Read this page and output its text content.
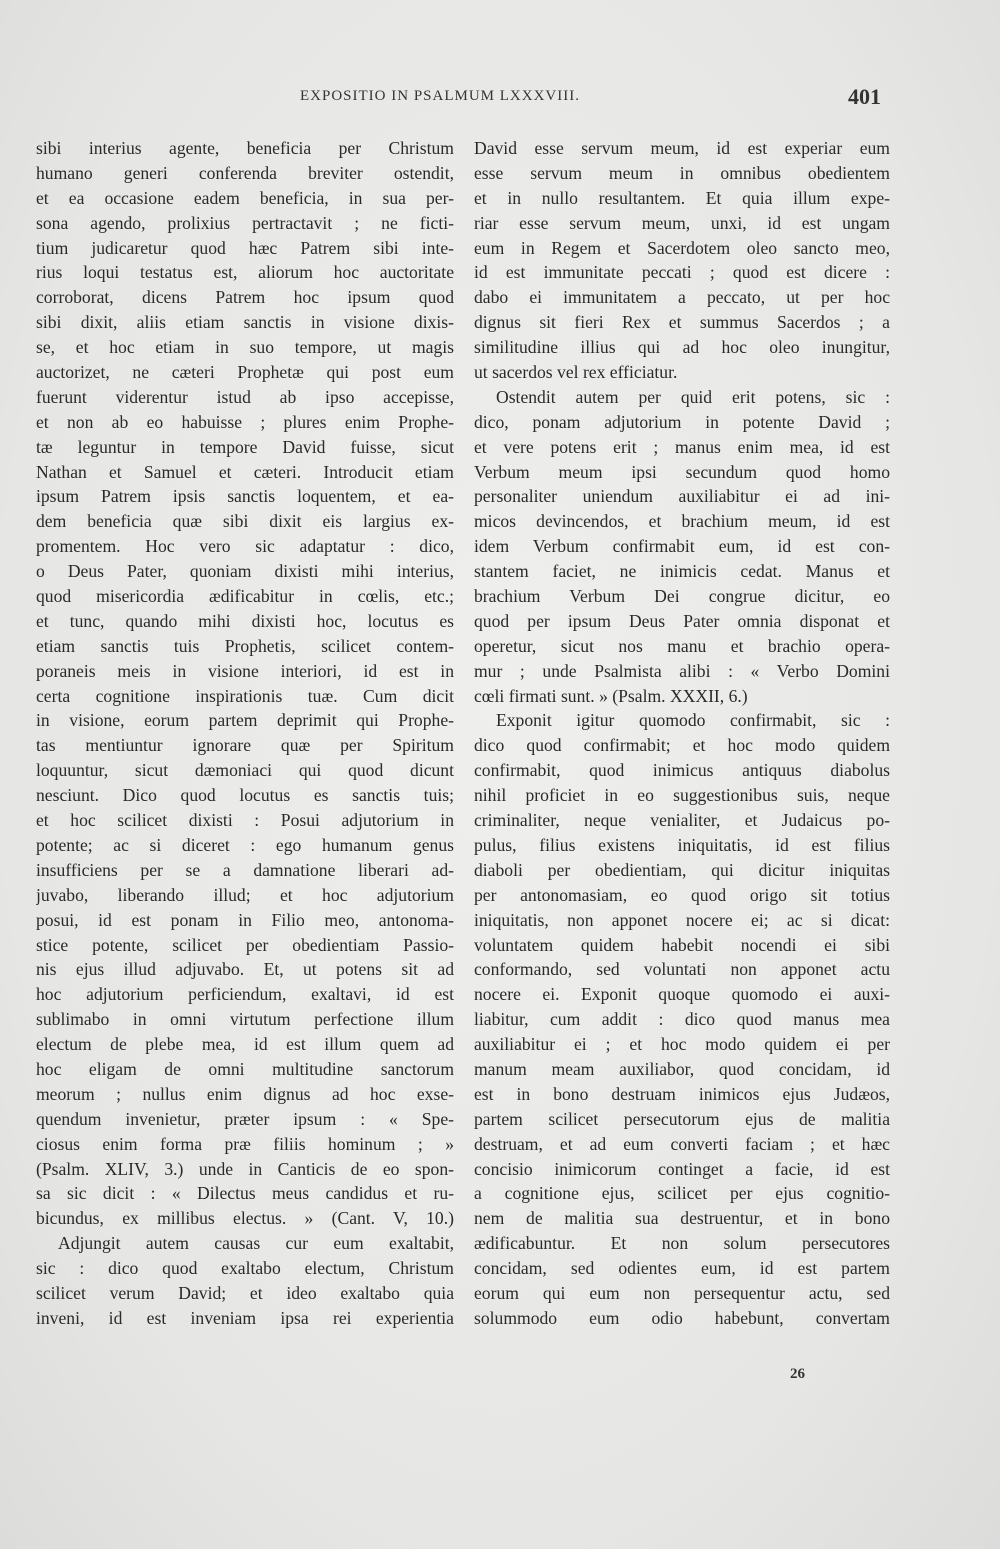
EXPOSITIO IN PSALMUM LXXXVIII.	401
sibi interius agente, beneficia per Christum
humano generi conferenda breviter ostendit,
et ea occasione eadem beneficia, in sua per-
sona agendo, prolixius pertractavit ; ne ficti-
tium judicaretur quod hæc Patrem sibi inte-
rius loqui testatus est, aliorum hoc auctoritate
corroborat, dicens Patrem hoc ipsum quod
sibi dixit, aliis etiam sanctis in visione dixis-
se, et hoc etiam in suo tempore, ut magis
auctorizet, ne cæteri Prophetæ qui post eum
fuerunt viderentur istud ab ipso accepisse,
et non ab eo habuisse ; plures enim Prophe-
tæ leguntur in tempore David fuisse, sicut
Nathan et Samuel et cæteri. Introducit etiam
ipsum Patrem ipsis sanctis loquentem, et ea-
dem beneficia quæ sibi dixit eis largius ex-
promentem. Hoc vero sic adaptatur : dico,
o Deus Pater, quoniam dixisti mihi interius,
quod misericordia ædificabitur in cœlis, etc.;
et tunc, quando mihi dixisti hoc, locutus es
etiam sanctis tuis Prophetis, scilicet contem-
poraneis meis in visione interiori, id est in
certa cognitione inspirationis tuæ. Cum dicit
in visione, eorum partem deprimit qui Prophe-
tas mentiuntur ignorare quæ per Spiritum
loquuntur, sicut dæmoniaci qui quod dicunt
nesciunt. Dico quod locutus es sanctis tuis;
et hoc scilicet dixisti : Posui adjutorium in
potente; ac si diceret : ego humanum genus
insufficiens per se a damnatione liberari ad-
juvabo, liberando illud; et hoc adjutorium
posui, id est ponam in Filio meo, antonoma-
stice potente, scilicet per obedientiam Passio-
nis ejus illud adjuvabo. Et, ut potens sit ad
hoc adjutorium perficiendum, exaltavi, id est
sublimabo in omni virtutum perfectione illum
electum de plebe mea, id est illum quem ad
hoc eligam de omni multitudine sanctorum
meorum ; nullus enim dignus ad hoc exse-
quendum invenietur, præter ipsum : « Spe-
ciosus enim forma præ filiis hominum ; »
(Psalm. XLIV, 3.) unde in Canticis de eo spon-
sa sic dicit : « Dilectus meus candidus et ru-
bicundus, ex millibus electus. » (Cant. V, 10.)
Adjungit autem causas cur eum exaltabit,
sic : dico quod exaltabo electum, Christum
scilicet verum David; et ideo exaltabo quia
inveni, id est inveniam ipsa rei experientia
David esse servum meum, id est experiar eum
esse servum meum in omnibus obedientem
et in nullo resultantem. Et quia illum expe-
riar esse servum meum, unxi, id est ungam
eum in Regem et Sacerdotem oleo sancto meo,
id est immunitate peccati ; quod est dicere :
dabo ei immunitatem a peccato, ut per hoc
dignus sit fieri Rex et summus Sacerdos ; a
similitudine illius qui ad hoc oleo inungitur,
ut sacerdos vel rex efficiatur.
Ostendit autem per quid erit potens, sic :
dico, ponam adjutorium in potente David ;
et vere potens erit ; manus enim mea, id est
Verbum meum ipsi secundum quod homo
personaliter uniendum auxiliabitur ei ad ini-
micos devincendos, et brachium meum, id est
idem Verbum confirmabit eum, id est con-
stantem faciet, ne inimicis cedat. Manus et
brachium Verbum Dei congrue dicitur, eo
quod per ipsum Deus Pater omnia disponat et
operetur, sicut nos manu et brachio opera-
mur ; unde Psalmista alibi : « Verbo Domini
cœli firmati sunt. » (Psalm. XXXII, 6.)
Exponit igitur quomodo confirmabit, sic :
dico quod confirmabit; et hoc modo quidem
confirmabit, quod inimicus antiquus diabolus
nihil proficiet in eo suggestionibus suis, neque
criminaliter, neque venialiter, et Judaicus po-
pulus, filius existens iniquitatis, id est filius
diaboli per obedientiam, qui dicitur iniquitas
per antonomasiam, eo quod origo sit totius
iniquitatis, non apponet nocere ei; ac si dicat:
voluntatem quidem habebit nocendi ei sibi
conformando, sed voluntati non apponet actu
nocere ei. Exponit quoque quomodo ei auxi-
liabitur, cum addit : dico quod manus mea
auxiliabitur ei ; et hoc modo quidem ei per
manum meam auxiliabor, quod concidam, id
est in bono destruam inimicos ejus Judæos,
partem scilicet persecutorum ejus de malitia
destruam, et ad eum converti faciam ; et hæc
concisio inimicorum continget a facie, id est
a cognitione ejus, scilicet per ejus cognitio-
nem de malitia sua destruentur, et in bono
ædificabuntur. Et non solum persecutores
concidam, sed odientes eum, id est partem
eorum qui eum non persequentur actu, sed
solummodo eum odio habebunt, convertam
26
